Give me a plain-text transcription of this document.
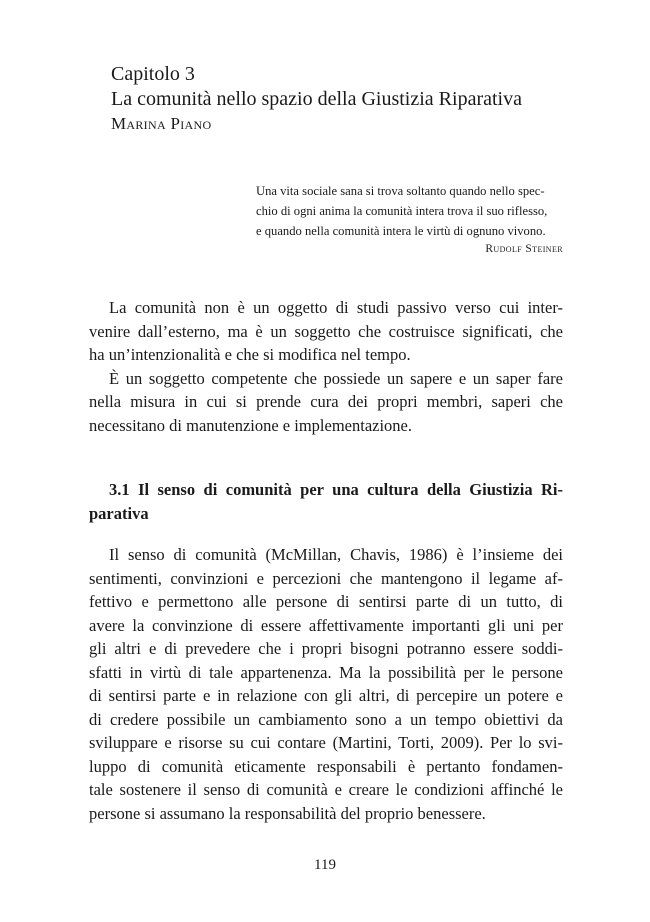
Capitolo 3

La comunità nello spazio della Giustizia Riparativa

Marina Piano

Una vita sociale sana si trova soltanto quando nello spec-

chio di ogni anima la comunità intera trova il suo riflesso,

e quando nella comunità intera le virtù di ognuno vivono.

Rudolf Steiner

La comunità non è un oggetto di studi passivo verso cui inter-

venire dall’esterno, ma è un soggetto che costruisce significati, che

ha un’intenzionalità e che si modifica nel tempo.

È un soggetto competente che possiede un sapere e un saper fare

nella misura in cui si prende cura dei propri membri, saperi che

necessitano di manutenzione e implementazione.

3.1 Il senso di comunità per una cultura della Giustizia Ri-

parativa

Il senso di comunità (McMillan, Chavis, 1986) è l’insieme dei

sentimenti, convinzioni e percezioni che mantengono il legame af-

fettivo e permettono alle persone di sentirsi parte di un tutto, di

avere la convinzione di essere affettivamente importanti gli uni per

gli altri e di prevedere che i propri bisogni potranno essere soddi-

sfatti in virtù di tale appartenenza. Ma la possibilità per le persone

di sentirsi parte e in relazione con gli altri, di percepire un potere e

di credere possibile un cambiamento sono a un tempo obiettivi da

sviluppare e risorse su cui contare (Martini, Torti, 2009). Per lo svi-

luppo di comunità eticamente responsabili è pertanto fondamen-

tale sostenere il senso di comunità e creare le condizioni affinché le

persone si assumano la responsabilità del proprio benessere.

119
